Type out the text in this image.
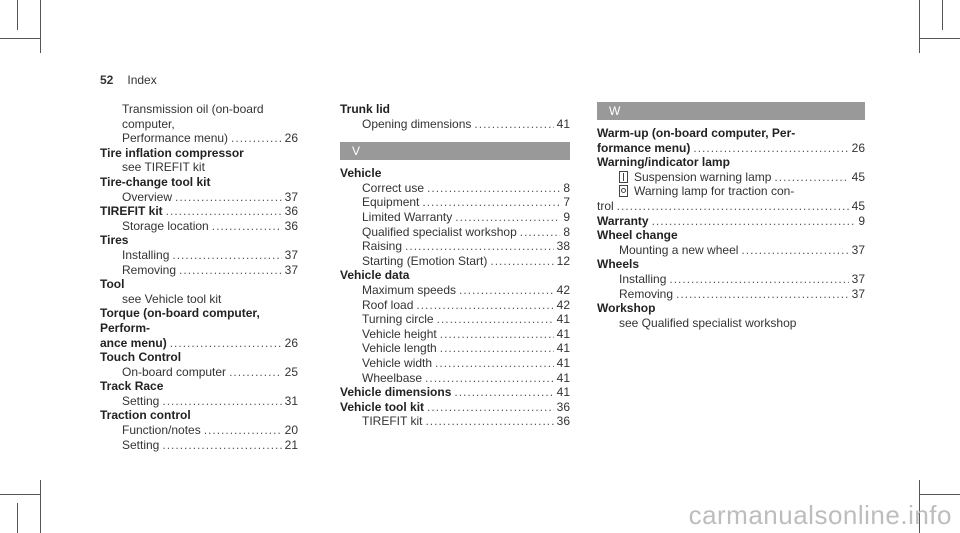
52 Index
Transmission oil (on-board computer,
Performance menu) .....	26
Tire inflation compressor
see TIREFIT kit
Tire-change tool kit
Overview .....	37
TIREFIT kit .....	36
Storage location .....	36
Tires
Installing .....	37
Removing .....	37
Tool
see Vehicle tool kit
Torque (on-board computer, Perform-
ance menu) .....	26
Touch Control
On-board computer .....	25
Track Race
Setting .....	31
Traction control
Function/notes .....	20
Setting .....	21
Trunk lid
Opening dimensions .....	41
V
Vehicle
Correct use .....	8
Equipment .....	7
Limited Warranty .....	9
Qualified specialist workshop .....	8
Raising .....	38
Starting (Emotion Start) .....	12
Vehicle data
Maximum speeds .....	42
Roof load .....	42
Turning circle .....	41
Vehicle height .....	41
Vehicle length .....	41
Vehicle width .....	41
Wheelbase .....	41
Vehicle dimensions .....	41
Vehicle tool kit .....	36
TIREFIT kit .....	36
W
Warm-up (on-board computer, Per-
formance menu) .....	26
Warning/indicator lamp
Suspension warning lamp .....	45
Warning lamp for traction con-
trol .....	45
Warranty .....	9
Wheel change
Mounting a new wheel .....	37
Wheels
Installing .....	37
Removing .....	37
Workshop
see Qualified specialist workshop
carmanualsonline.info
